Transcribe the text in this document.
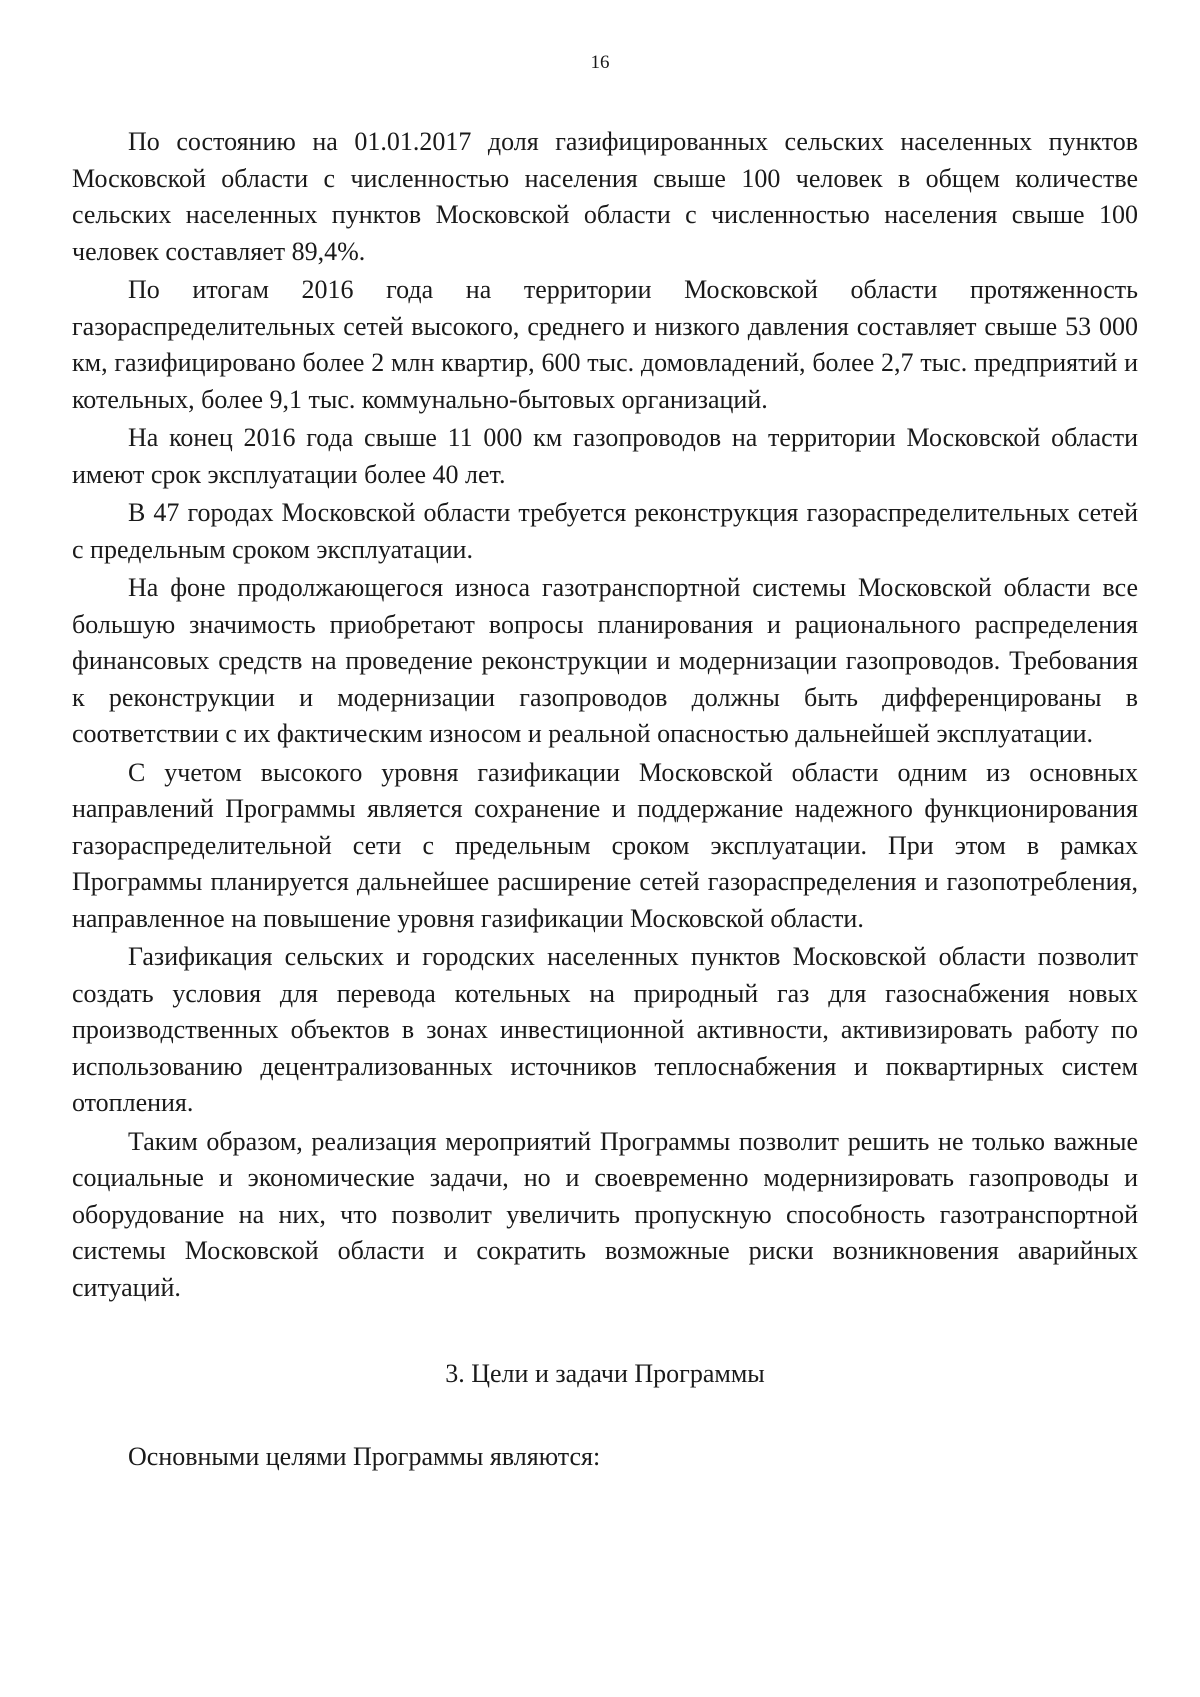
16

По состоянию на 01.01.2017 доля газифицированных сельских населенных пунктов Московской области с численностью населения свыше 100 человек в общем количестве сельских населенных пунктов Московской области с численностью населения свыше 100 человек составляет 89,4%.

По итогам 2016 года на территории Московской области протяженность газораспределительных сетей высокого, среднего и низкого давления составляет свыше 53 000 км, газифицировано более 2 млн квартир, 600 тыс. домовладений, более 2,7 тыс. предприятий и котельных, более 9,1 тыс. коммунально-бытовых организаций.

На конец 2016 года свыше 11 000 км газопроводов на территории Московской области имеют срок эксплуатации более 40 лет.

В 47 городах Московской области требуется реконструкция газораспределительных сетей с предельным сроком эксплуатации.

На фоне продолжающегося износа газотранспортной системы Московской области все большую значимость приобретают вопросы планирования и рационального распределения финансовых средств на проведение реконструкции и модернизации газопроводов. Требования к реконструкции и модернизации газопроводов должны быть дифференцированы в соответствии с их фактическим износом и реальной опасностью дальнейшей эксплуатации.

С учетом высокого уровня газификации Московской области одним из основных направлений Программы является сохранение и поддержание надежного функционирования газораспределительной сети с предельным сроком эксплуатации. При этом в рамках Программы планируется дальнейшее расширение сетей газораспределения и газопотребления, направленное на повышение уровня газификации Московской области.

Газификация сельских и городских населенных пунктов Московской области позволит создать условия для перевода котельных на природный газ для газоснабжения новых производственных объектов в зонах инвестиционной активности, активизировать работу по использованию децентрализованных источников теплоснабжения и поквартирных систем отопления.

Таким образом, реализация мероприятий Программы позволит решить не только важные социальные и экономические задачи, но и своевременно модернизировать газопроводы и оборудование на них, что позволит увеличить пропускную способность газотранспортной системы Московской области и сократить возможные риски возникновения аварийных ситуаций.

3. Цели и задачи Программы

Основными целями Программы являются:
